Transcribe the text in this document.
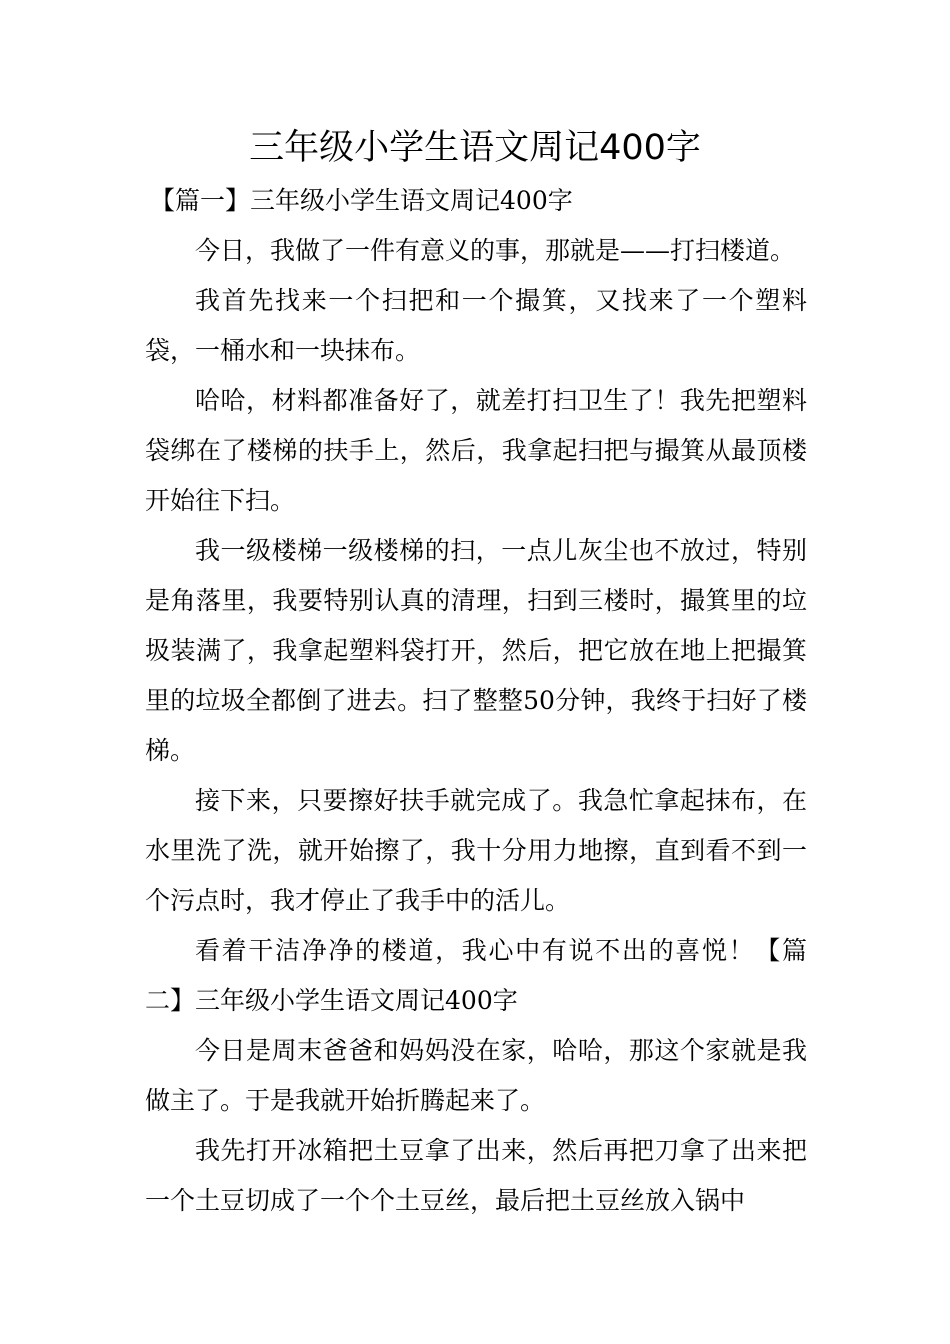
三年级小学生语文周记400字

【篇一】三年级小学生语文周记400字

今日，我做了一件有意义的事，那就是——打扫楼道。

我首先找来一个扫把和一个撮箕，又找来了一个塑料袋，一桶水和一块抹布。

哈哈，材料都准备好了，就差打扫卫生了！我先把塑料袋绑在了楼梯的扶手上，然后，我拿起扫把与撮箕从最顶楼开始往下扫。

我一级楼梯一级楼梯的扫，一点儿灰尘也不放过，特别是角落里，我要特别认真的清理，扫到三楼时，撮箕里的垃圾装满了，我拿起塑料袋打开，然后，把它放在地上把撮箕里的垃圾全都倒了进去。扫了整整50分钟，我终于扫好了楼梯。

接下来，只要擦好扶手就完成了。我急忙拿起抹布，在水里洗了洗，就开始擦了，我十分用力地擦，直到看不到一个污点时，我才停止了我手中的活儿。

看着干洁净净的楼道，我心中有说不出的喜悦！【篇二】三年级小学生语文周记400字

今日是周末爸爸和妈妈没在家，哈哈，那这个家就是我做主了。于是我就开始折腾起来了。

我先打开冰箱把土豆拿了出来，然后再把刀拿了出来把一个土豆切成了一个个土豆丝，最后把土豆丝放入锅中
